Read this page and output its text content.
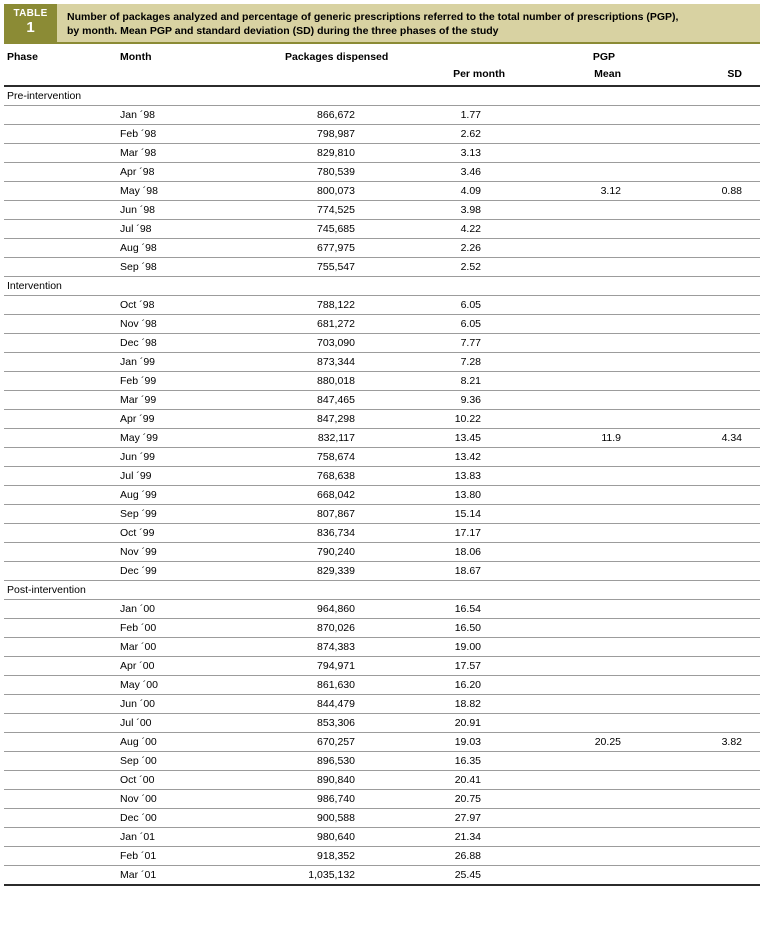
TABLE
1
Number of packages analyzed and percentage of generic prescriptions referred to the total number of prescriptions (PGP),
by month. Mean PGP and standard deviation (SD) during the three phases of the study
Phase	Month	Packages dispensed		PGP	
			Per month	Mean	SD
Pre-intervention					
	Jan ´98	866,672	1.77		
	Feb ´98	798,987	2.62		
	Mar ´98	829,810	3.13		
	Apr ´98	780,539	3.46		
	May ´98	800,073	4.09	3.12	0.88
	Jun ´98	774,525	3.98		
	Jul ´98	745,685	4.22		
	Aug ´98	677,975	2.26		
	Sep ´98	755,547	2.52		
Intervention					
	Oct ´98	788,122	6.05		
	Nov ´98	681,272	6.05		
	Dec ´98	703,090	7.77		
	Jan ´99	873,344	7.28		
	Feb ´99	880,018	8.21		
	Mar ´99	847,465	9.36		
	Apr ´99	847,298	10.22		
	May ´99	832,117	13.45	11.9	4.34
	Jun ´99	758,674	13.42		
	Jul ´99	768,638	13.83		
	Aug ´99	668,042	13.80		
	Sep ´99	807,867	15.14		
	Oct ´99	836,734	17.17		
	Nov ´99	790,240	18.06		
	Dec ´99	829,339	18.67		
Post-intervention					
	Jan ´00	964,860	16.54		
	Feb ´00	870,026	16.50		
	Mar ´00	874,383	19.00		
	Apr ´00	794,971	17.57		
	May ´00	861,630	16.20		
	Jun ´00	844,479	18.82		
	Jul ´00	853,306	20.91		
	Aug ´00	670,257	19.03	20.25	3.82
	Sep ´00	896,530	16.35		
	Oct ´00	890,840	20.41		
	Nov ´00	986,740	20.75		
	Dec ´00	900,588	27.97		
	Jan ´01	980,640	21.34		
	Feb ´01	918,352	26.88		
	Mar ´01	1,035,132	25.45		
